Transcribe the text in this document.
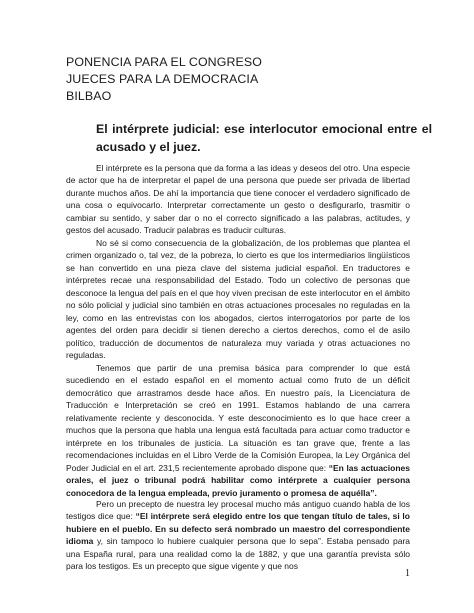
PONENCIA PARA EL CONGRESO
JUECES PARA LA DEMOCRACIA
BILBAO
El intérprete judicial: ese interlocutor emocional entre el acusado y el juez.

El intérprete es la persona que da forma a las ideas y deseos del otro. Una especie de actor que ha de interpretar el papel de una persona que puede ser privada de libertad durante muchos años. De ahí la importancia que tiene conocer el verdadero significado de una cosa o equivocarlo. Interpretar correctamente un gesto o desfigurarlo, trasmitir o cambiar su sentido, y saber dar o no el correcto significado a las palabras, actitudes, y gestos del acusado. Traducir palabras es traducir culturas.

No sé si como consecuencia de la globalización, de los problemas que plantea el crimen organizado o, tal vez, de la pobreza, lo cierto es que los intermediarios lingüísticos se han convertido en una pieza clave del sistema judicial español. En traductores e intérpretes recae una responsabilidad del Estado. Todo un colectivo de personas que desconoce la lengua del país en el que hoy viven precisan de este interlocutor en el ámbito no sólo policial y judicial sino también en otras actuaciones procesales no reguladas en la ley, como en las entrevistas con los abogados, ciertos interrogatorios por parte de los agentes del orden para decidir si tienen derecho a ciertos derechos, como el de asilo político, traducción de documentos de naturaleza muy variada y otras actuaciones no reguladas.

Tenemos que partir de una premisa básica para comprender lo que está sucediendo en el estado español en el momento actual como fruto de un déficit democrático que arrastramos desde hace años. En nuestro país, la Licenciatura de Traducción e Interpretación se creó en 1991. Estamos hablando de una carrera relativamente reciente y desconocida. Y este desconocimiento es lo que hace creer a muchos que la persona que habla una lengua está facultada para actuar como traductor e intérprete en los tribunales de justicia. La situación es tan grave que, frente a las recomendaciones incluidas en el Libro Verde de la Comisión Europea, la Ley Orgánica del Poder Judicial en el art. 231,5 recientemente aprobado dispone que: “En las actuaciones orales, el juez o tribunal podrá habilitar como intérprete a cualquier persona conocedora de la lengua empleada, previo juramento o promesa de aquélla”.

Pero un precepto de nuestra ley procesal mucho más antiguo cuando habla de los testigos dice que: “El intérprete será elegido entre los que tengan título de tales, si lo hubiere en el pueblo. En su defecto será nombrado un maestro del correspondiente idioma y, sin tampoco lo hubiere cualquier persona que lo sepa”. Estaba pensado para una España rural, para una realidad como la de 1882, y que una garantía prevista sólo para los testigos. Es un precepto que sigue vigente y que nos

1
